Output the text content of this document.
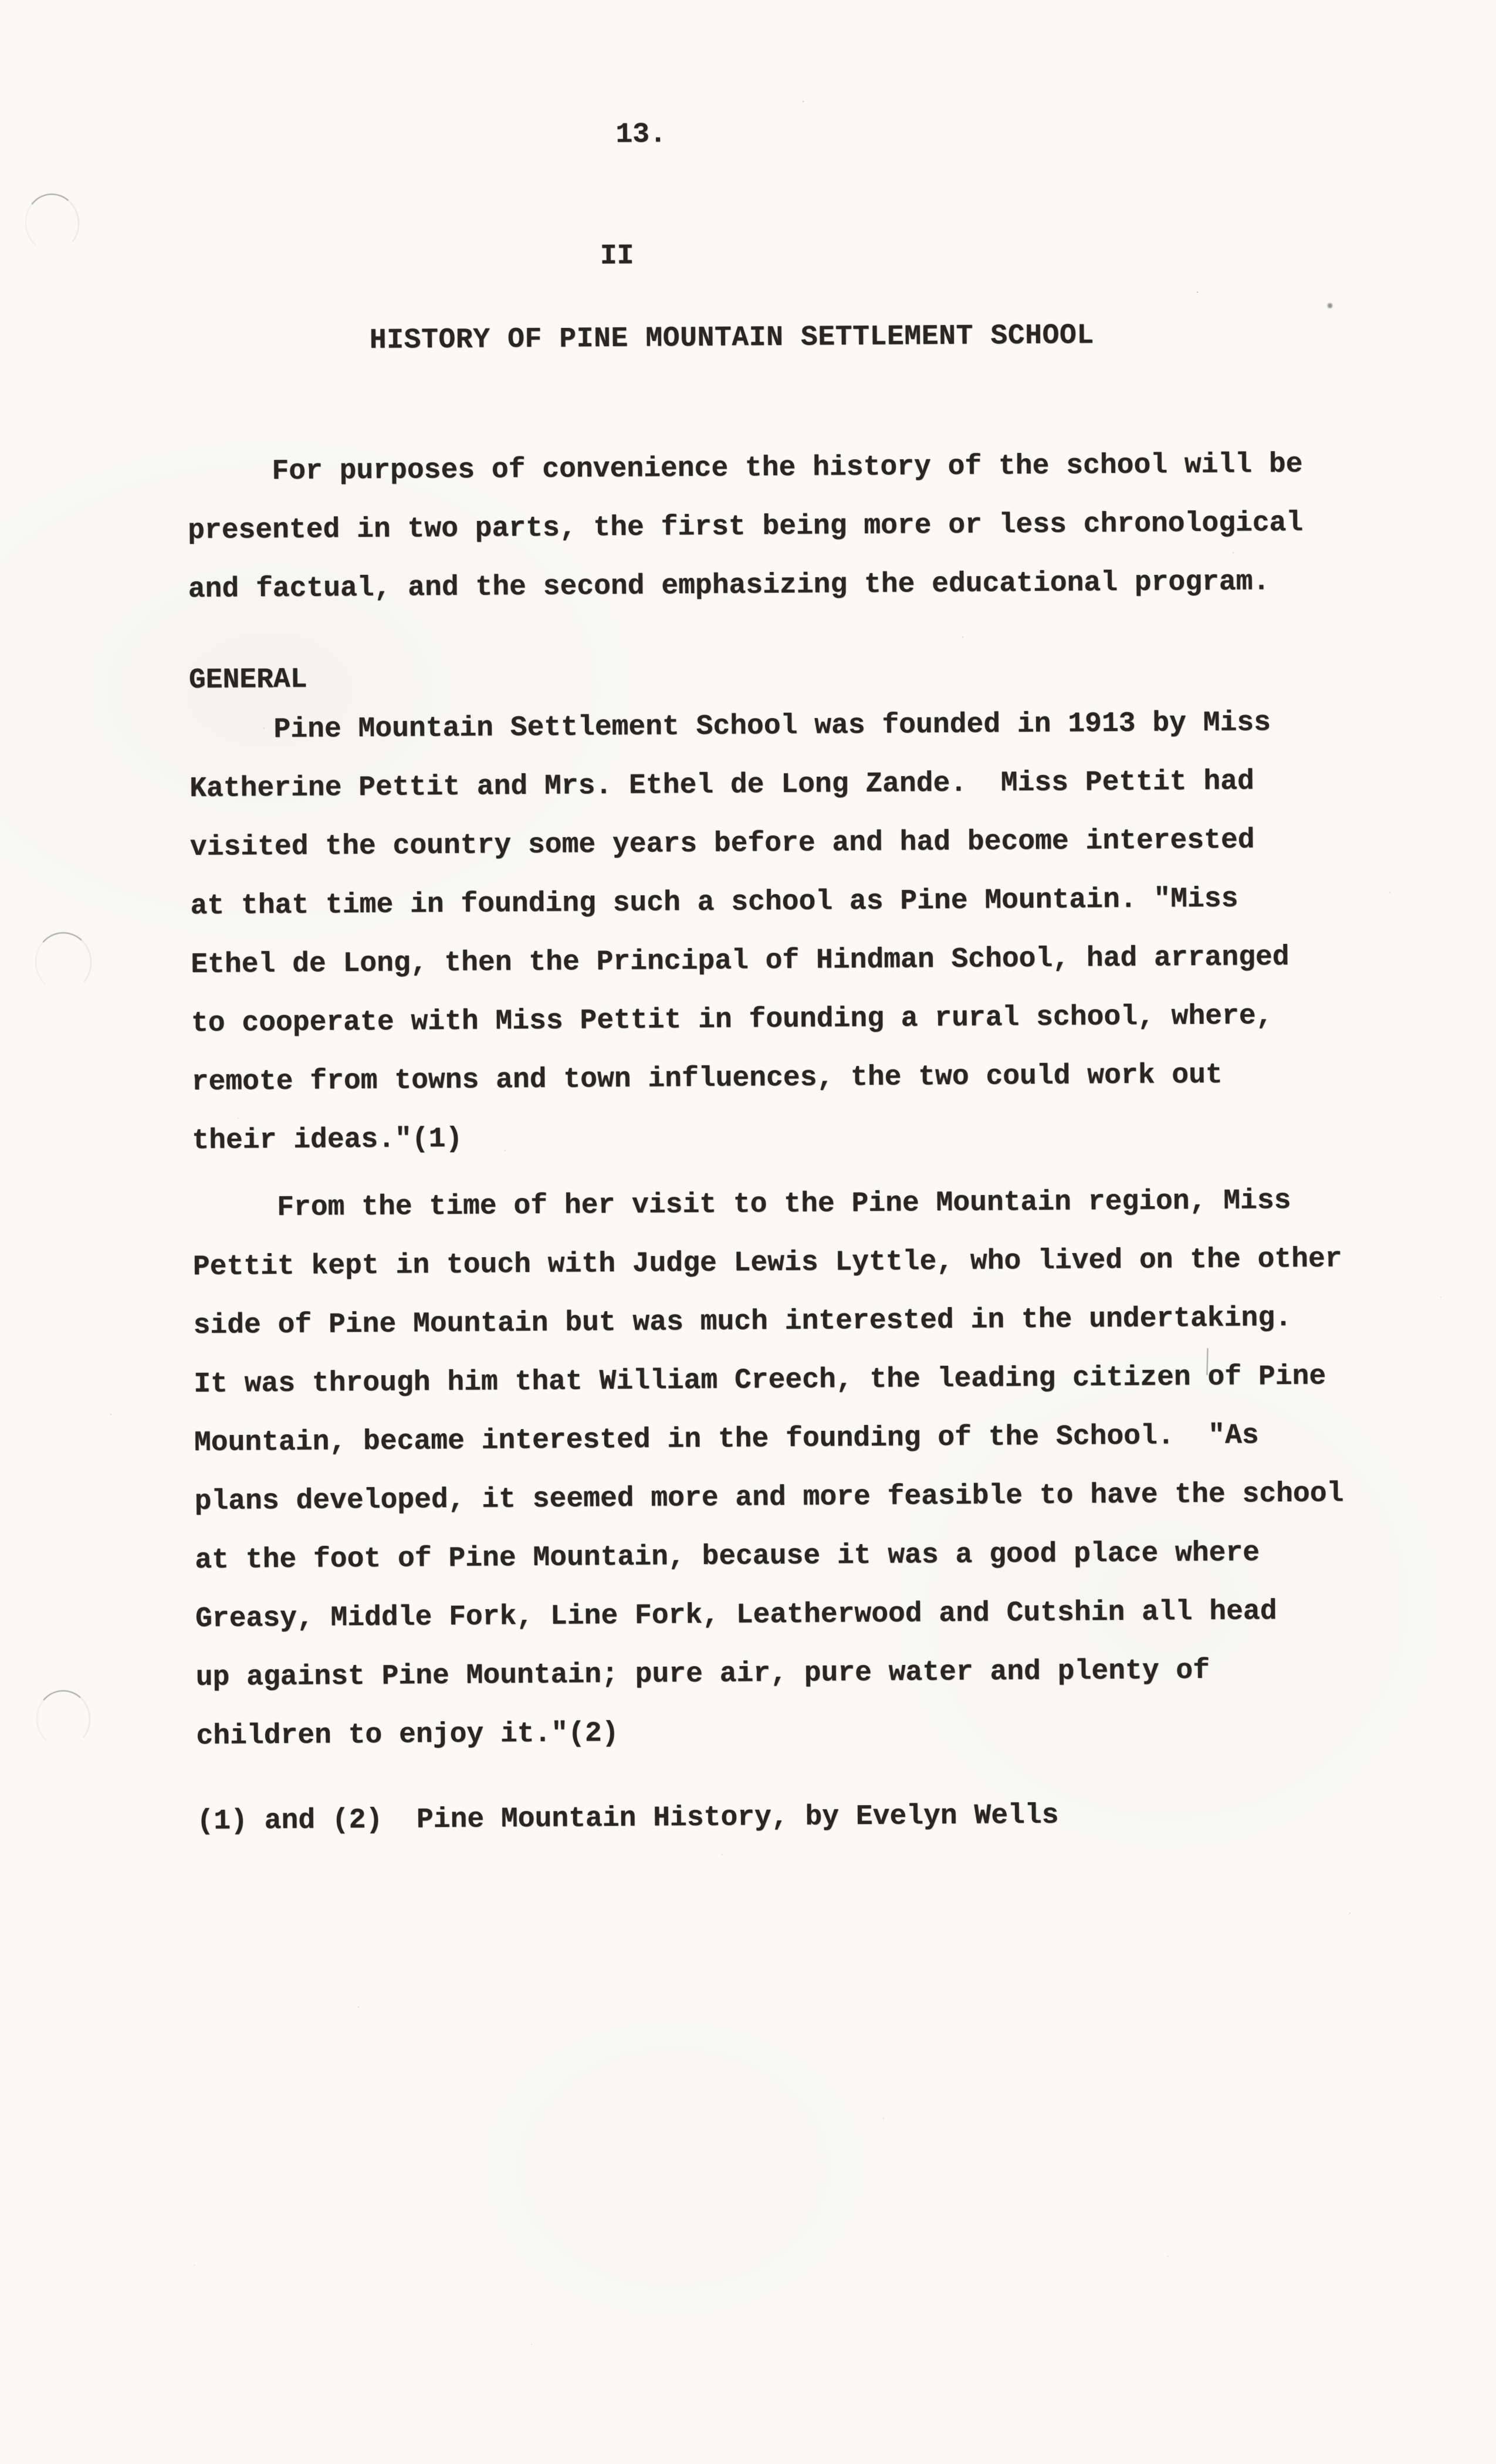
13.
II
HISTORY OF PINE MOUNTAIN SETTLEMENT SCHOOL
For purposes of convenience the history of the school will be
presented in two parts, the first being more or less chronological
and factual, and the second emphasizing the educational program.
GENERAL
Pine Mountain Settlement School was founded in 1913 by Miss
Katherine Pettit and Mrs. Ethel de Long Zande.  Miss Pettit had
visited the country some years before and had become interested
at that time in founding such a school as Pine Mountain. "Miss
Ethel de Long, then the Principal of Hindman School, had arranged
to cooperate with Miss Pettit in founding a rural school, where,
remote from towns and town influences, the two could work out
their ideas."(1)
From the time of her visit to the Pine Mountain region, Miss
Pettit kept in touch with Judge Lewis Lyttle, who lived on the other
side of Pine Mountain but was much interested in the undertaking.
It was through him that William Creech, the leading citizen of Pine
Mountain, became interested in the founding of the School.  "As
plans developed, it seemed more and more feasible to have the school
at the foot of Pine Mountain, because it was a good place where
Greasy, Middle Fork, Line Fork, Leatherwood and Cutshin all head
up against Pine Mountain; pure air, pure water and plenty of
children to enjoy it."(2)
(1) and (2)  Pine Mountain History, by Evelyn Wells
